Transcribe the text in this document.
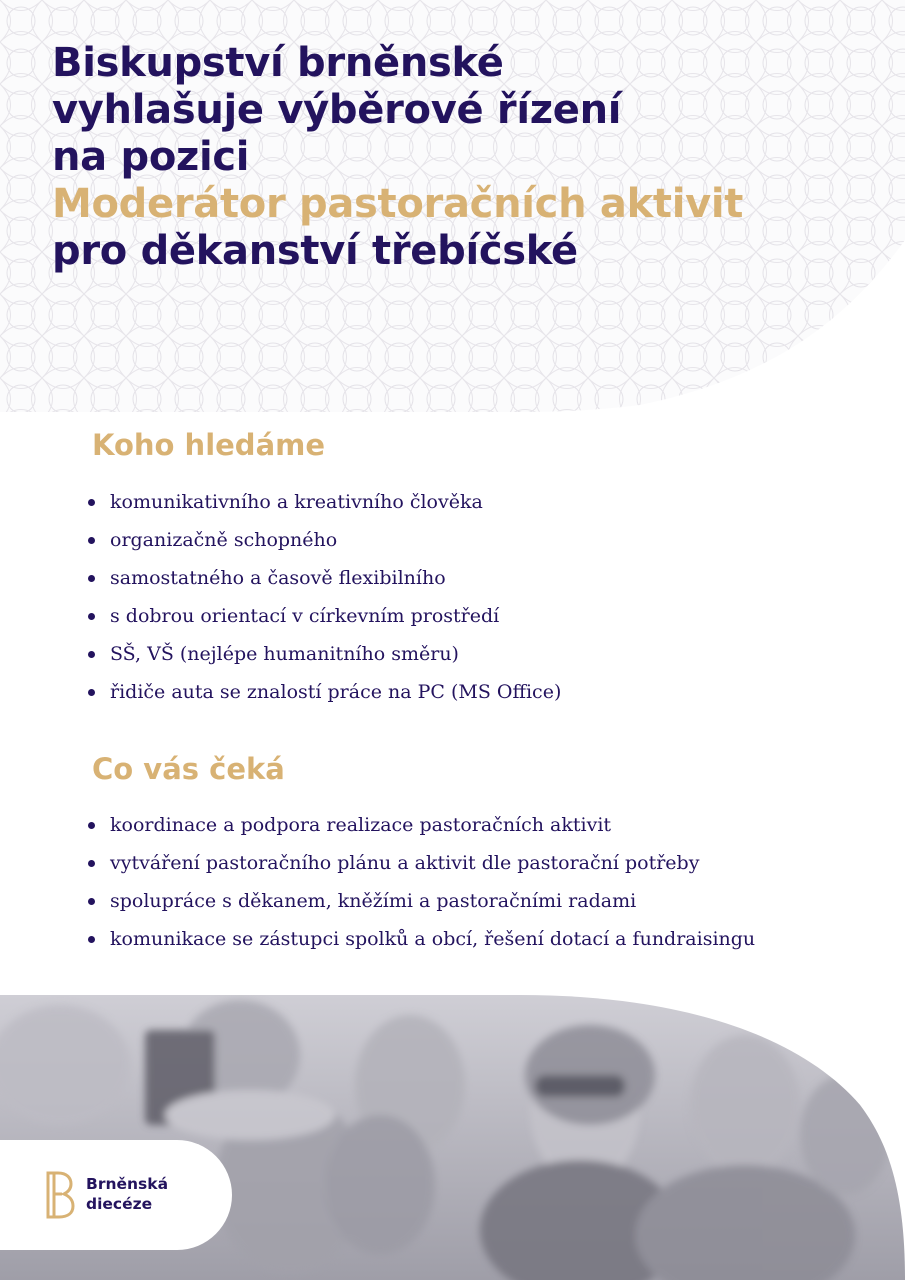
Biskupství brněnské
vyhlašuje výběrové řízení
na pozici
Moderátor pastoračních aktivit
pro děkanství třebíčské
Koho hledáme
komunikativního a kreativního člověka
organizačně schopného
samostatného a časově flexibilního
s dobrou orientací v církevním prostředí
SŠ, VŠ (nejlépe humanitního směru)
řidiče auta se znalostí práce na PC (MS Office)
Co vás čeká
koordinace a podpora realizace pastoračních aktivit
vytváření pastoračního plánu a aktivit dle pastorační potřeby
spolupráce s děkanem, kněžími a pastoračními radami
komunikace se zástupci spolků a obcí, řešení dotací a fundraisingu
Brněnská
diecéze
